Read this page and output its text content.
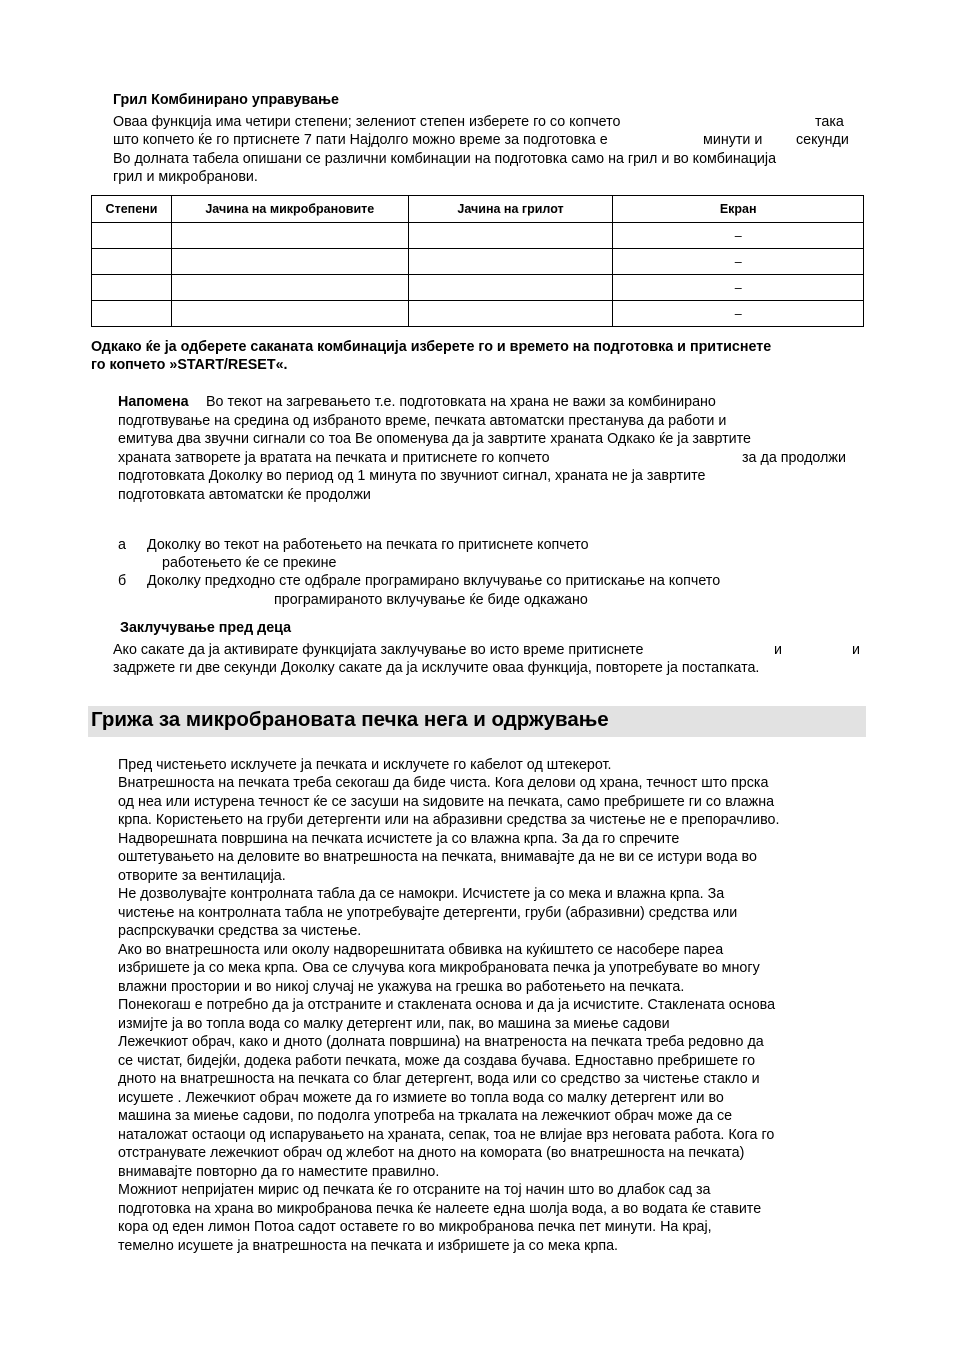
Грил Комбинирано управување
Оваа функција има четири степени; зелениот степен изберете го со копчето	така
што копчето ќе го пртиснете 7 пати Најдолго можно време за подготовка е	минути и секунди
Во долната табела опишани се различни комбинации на подготовка само на грил и во комбинација
грил и микробранови.
Степени	Јачина на микробрановите	Јачина на грилот	Екран
			–
			–
			–
			–
Одкако ќе ја одберете саканата комбинација изберете го и времето на подготовка и притиснете
го копчето »START/RESET«.
Напомена Во текот на загревањето т.е. подготовката на храна не важи за комбинирано
подготвување на средина од избраното време, печката автоматски престанува да работи и
емитува два звучни сигнали со тоа Ве опоменува да ја завртите храната Одкако ќе ја завртите
храната затворете ја вратата на печката и притиснете го копчето	за да продолжи
подготовката Доколку во период од 1 минута по звучниот сигнал, храната не ја завртите
подготовката автоматски ќе продолжи
а Доколку во текот на работењето на печката го притиснете копчето
работењето ќе се прекине
б Доколку предходно сте одбрале програмирано вклучување со притискање на копчето
програмираното вклучување ќе биде одкажано
Заклучување пред деца
Ако сакате да ја активирате функцијата заклучување во исто време притиснете	и	и
задржете ги две секунди Доколку сакате да ја исклучите оваа функција, повторете ја постапката.
Грижа за микробрановата печка нега и одржување
Пред чистењето исклучете ја печката и исклучете го кабелот од штекерот.
Внатрешноста на печката треба секогаш да биде чиста. Кога делови од храна, течност што прска
од неа или истурена течност ќе се засуши на ѕидовите на печката, само пребришете ги со влажна
крпа. Користењето на груби детергенти или на абразивни средства за чистење не е препорачливо.
Надворешната површина на печката исчистете ја со влажна крпа. За да го спречите
оштетувањето на деловите во внатрешноста на печката, внимавајте да не ви се истури вода во
отворите за вентилација.
Не дозволувајте контролната табла да се намокри. Исчистете ја со мека и влажна крпа. За
чистење на контролната табла не употребувајте детергенти, груби (абразивни) средства или
распрскувачки средства за чистење.
Ако во внатрешноста или околу надворешнитата обвивка на куќиштето се насобере пареа
избришете ја со мека крпа. Ова се случува кога микробрановата печка ја употребувате во многу
влажни простории и во никој случај не укажува на грешка во работењето на печката.
Понекогаш е потребно да ја отстраните и стаклената основа и да ја исчистите. Стаклената основа
измијте ја во топла вода со малку детергент или, пак, во машина за миење садови
Лежечкиот обрач, како и дното (долната површина) на внатреноста на печката треба редовно да
се чистат, бидејќи, додека работи печката, може да создава бучава. Едноставно пребришете го
дното на внатрешноста на печката со благ детергент, вода или со средство за чистење стакло и
исушете . Лежечкиот обрач можете да го измиете во топла вода со малку детергент или во
машина за миење садови, по подолга употреба на тркалата на лежечкиот обрач може да се
наталожат остаоци од испарувањето на храната, сепак, тоа не влијае врз неговата работа. Кога го
отстранувате лежечкиот обрач од жлебот на дното на комората (во внатрешноста на печката)
внимавајте повторно да го наместите правилно.
Можниот непријатен мирис од печката ќе го отсраните на тој начин што во длабок сад за
подготовка на храна во микробранова печка ќе налеете една шолја вода, а во водата ќе ставите
кора од еден лимон Потоа садот оставете го во микробранова печка пет минути. На крај,
темелно исушете ја внатрешноста на печката и избришете ја со мека крпа.
